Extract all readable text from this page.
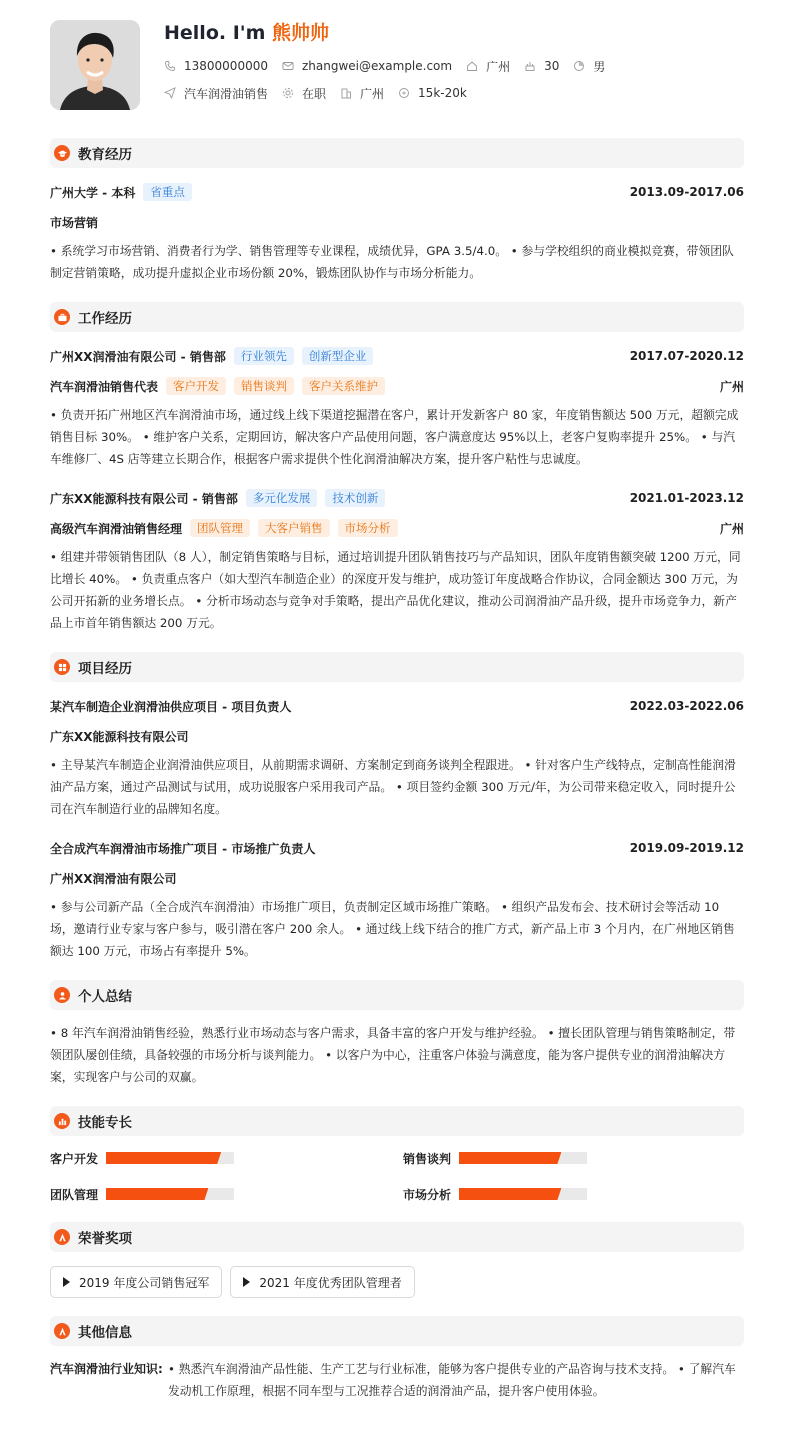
Hello. I'm 熊帅帅
13800000000	zhangwei@example.com	广州	30	男
汽车润滑油销售	在职	广州	15k-20k
教育经历
广州大学 - 本科	省重点	2013.09-2017.06
市场营销
• 系统学习市场营销、消费者行为学、销售管理等专业课程，成绩优异，GPA 3.5/4.0。 • 参与学校组织的商业模拟竞赛，带领团队制定营销策略，成功提升虚拟企业市场份额 20%，锻炼团队协作与市场分析能力。
工作经历
广州XX润滑油有限公司 - 销售部	行业领先	创新型企业	2017.07-2020.12
汽车润滑油销售代表	客户开发	销售谈判	客户关系维护	广州
• 负责开拓广州地区汽车润滑油市场，通过线上线下渠道挖掘潜在客户，累计开发新客户 80 家，年度销售额达 500 万元，超额完成销售目标 30%。 • 维护客户关系，定期回访，解决客户产品使用问题，客户满意度达 95%以上，老客户复购率提升 25%。 • 与汽车维修厂、4S 店等建立长期合作，根据客户需求提供个性化润滑油解决方案，提升客户粘性与忠诚度。
广东XX能源科技有限公司 - 销售部	多元化发展	技术创新	2021.01-2023.12
高级汽车润滑油销售经理	团队管理	大客户销售	市场分析	广州
• 组建并带领销售团队（8 人），制定销售策略与目标，通过培训提升团队销售技巧与产品知识，团队年度销售额突破 1200 万元，同比增长 40%。 • 负责重点客户（如大型汽车制造企业）的深度开发与维护，成功签订年度战略合作协议，合同金额达 300 万元，为公司开拓新的业务增长点。 • 分析市场动态与竞争对手策略，提出产品优化建议，推动公司润滑油产品升级，提升市场竞争力，新产品上市首年销售额达 200 万元。
项目经历
某汽车制造企业润滑油供应项目 - 项目负责人	2022.03-2022.06
广东XX能源科技有限公司
• 主导某汽车制造企业润滑油供应项目，从前期需求调研、方案制定到商务谈判全程跟进。 • 针对客户生产线特点，定制高性能润滑油产品方案，通过产品测试与试用，成功说服客户采用我司产品。 • 项目签约金额 300 万元/年，为公司带来稳定收入，同时提升公司在汽车制造行业的品牌知名度。
全合成汽车润滑油市场推广项目 - 市场推广负责人	2019.09-2019.12
广州XX润滑油有限公司
• 参与公司新产品（全合成汽车润滑油）市场推广项目，负责制定区域市场推广策略。 • 组织产品发布会、技术研讨会等活动 10 场，邀请行业专家与客户参与，吸引潜在客户 200 余人。 • 通过线上线下结合的推广方式，新产品上市 3 个月内，在广州地区销售额达 100 万元，市场占有率提升 5%。
个人总结
• 8 年汽车润滑油销售经验，熟悉行业市场动态与客户需求，具备丰富的客户开发与维护经验。 • 擅长团队管理与销售策略制定，带领团队屡创佳绩，具备较强的市场分析与谈判能力。 • 以客户为中心，注重客户体验与满意度，能为客户提供专业的润滑油解决方案，实现客户与公司的双赢。
技能专长
客户开发	销售谈判
团队管理	市场分析
荣誉奖项
2019 年度公司销售冠军	2021 年度优秀团队管理者
其他信息
汽车润滑油行业知识: • 熟悉汽车润滑油产品性能、生产工艺与行业标准，能够为客户提供专业的产品咨询与技术支持。 • 了解汽车发动机工作原理，根据不同车型与工况推荐合适的润滑油产品，提升客户使用体验。
